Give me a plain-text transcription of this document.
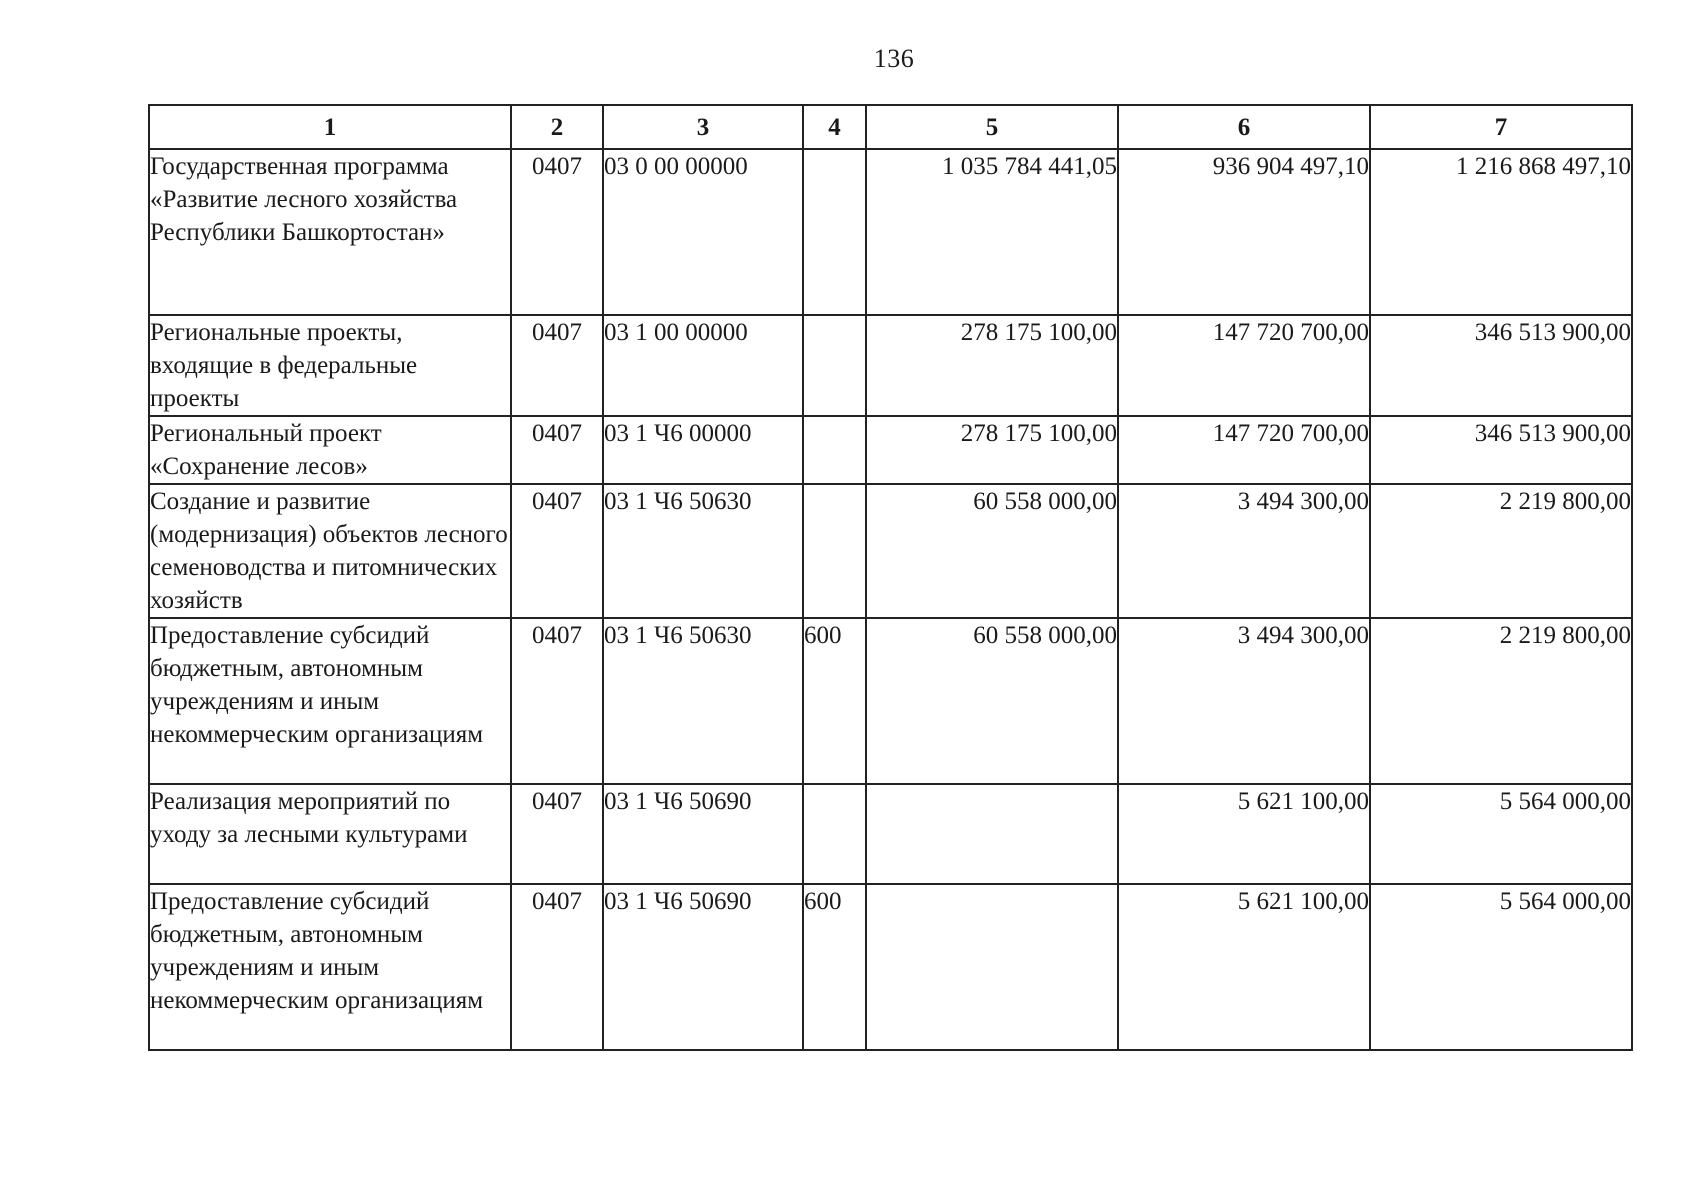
136
1	2	3	4	5	6	7
Государственная программа «Развитие лесного хозяйства Республики Башкортостан»	0407	03 0 00 00000		1 035 784 441,05	936 904 497,10	1 216 868 497,10
Региональные проекты, входящие в федеральные проекты	0407	03 1 00 00000		278 175 100,00	147 720 700,00	346 513 900,00
Региональный проект «Сохранение лесов»	0407	03 1 Ч6 00000		278 175 100,00	147 720 700,00	346 513 900,00
Создание и развитие (модернизация) объектов лесного семеноводства и питомнических хозяйств	0407	03 1 Ч6 50630		60 558 000,00	3 494 300,00	2 219 800,00
Предоставление субсидий бюджетным, автономным учреждениям и иным некоммерческим организациям	0407	03 1 Ч6 50630	600	60 558 000,00	3 494 300,00	2 219 800,00
Реализация мероприятий по уходу за лесными культурами	0407	03 1 Ч6 50690			5 621 100,00	5 564 000,00
Предоставление субсидий бюджетным, автономным учреждениям и иным некоммерческим организациям	0407	03 1 Ч6 50690	600		5 621 100,00	5 564 000,00
